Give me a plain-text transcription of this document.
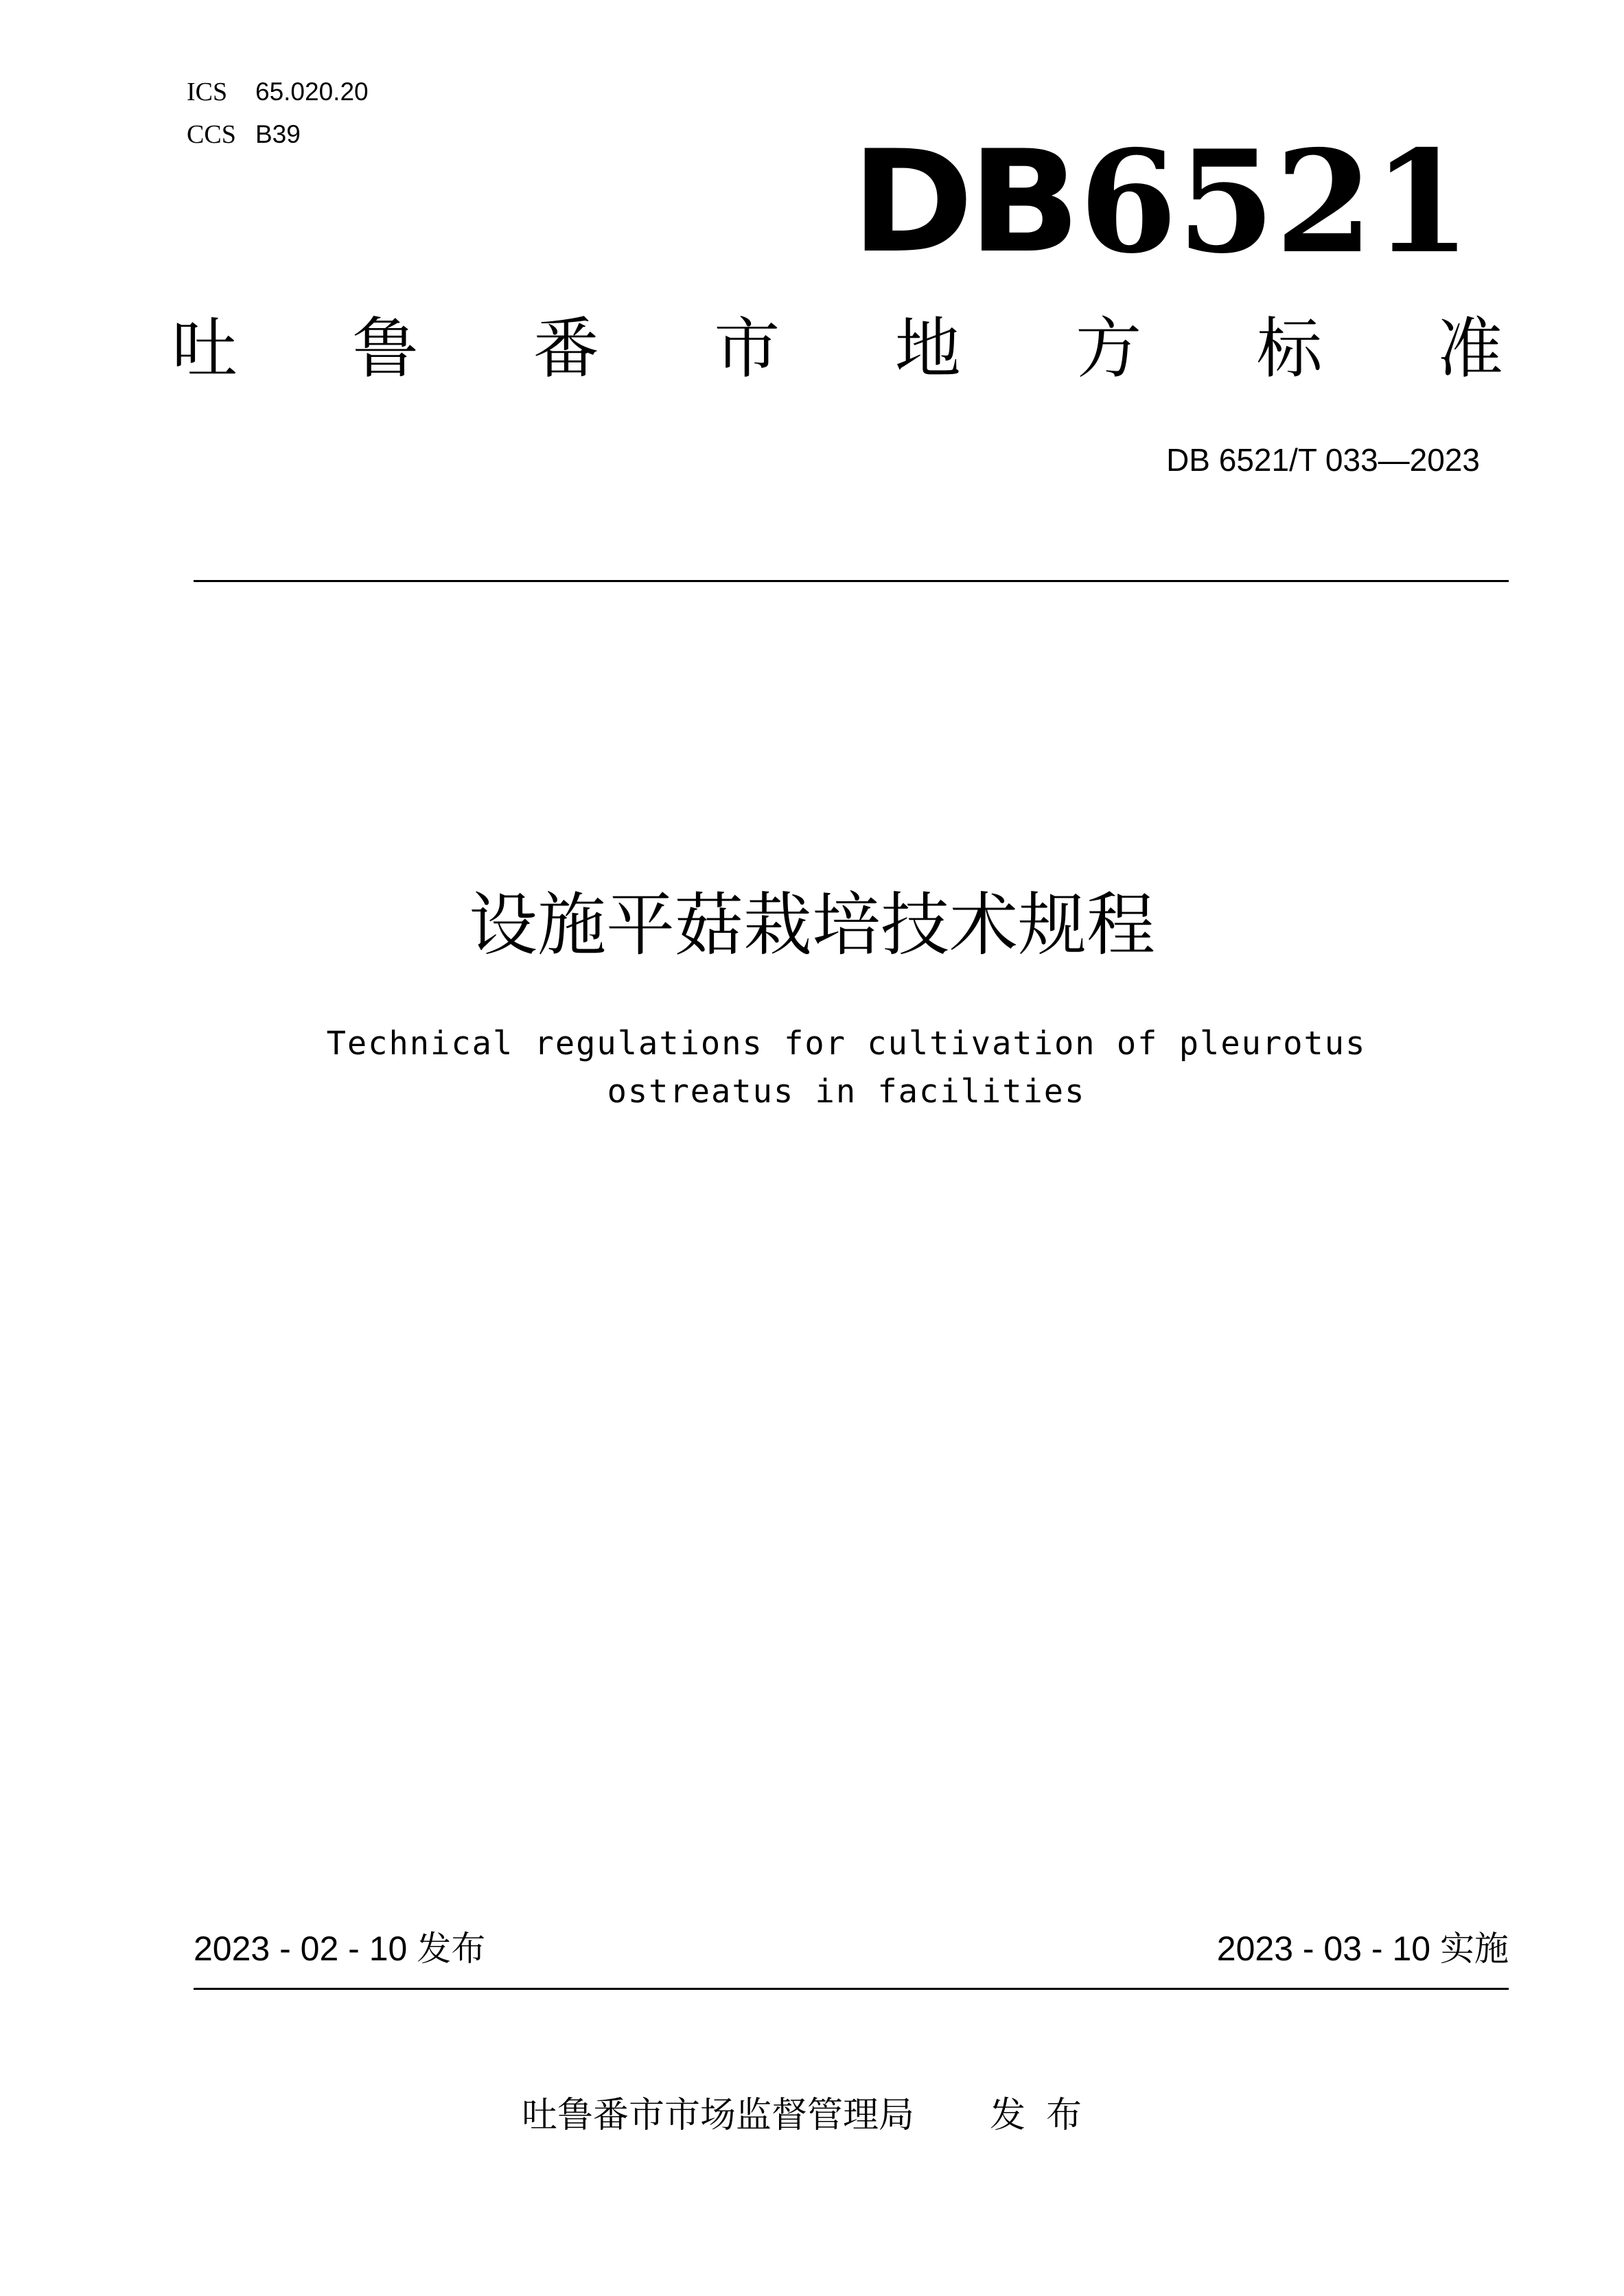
ICS 65.020.20
CCS B39	DB6521
吐 鲁 番 市 地 方 标 准
DB 6521/T 033—2023
设施平菇栽培技术规程
Technical regulations for cultivation of pleurotus ostreatus in facilities
2023 - 02 - 10 发布	2023 - 03 - 10 实施
吐鲁番市市场监督管理局 发布
